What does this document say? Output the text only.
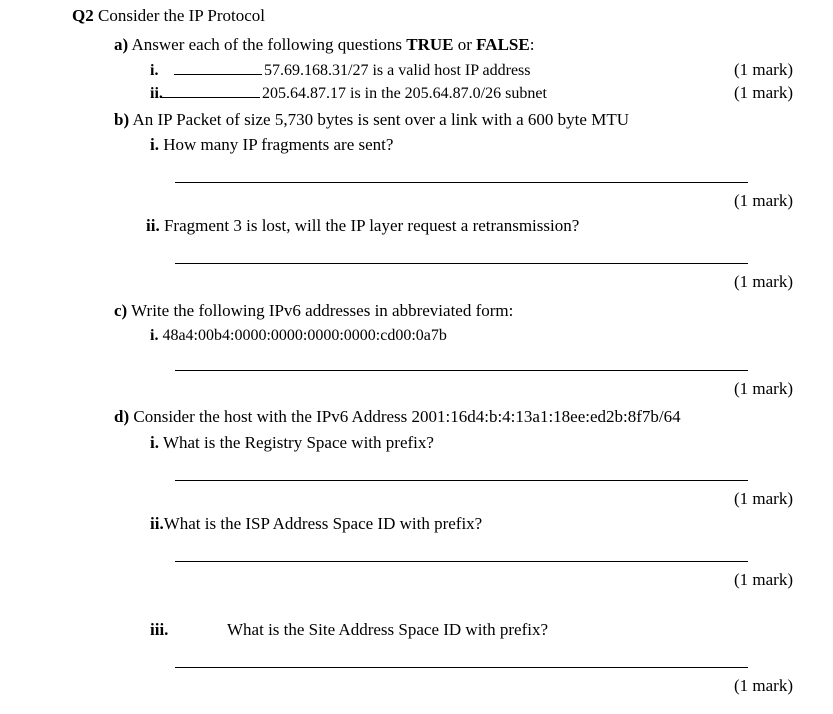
Q2 Consider the IP Protocol
a) Answer each of the following questions TRUE or FALSE:
i.	57.69.168.31/27 is a valid host IP address	(1 mark)
ii.	205.64.87.17 is in the 205.64.87.0/26 subnet	(1 mark)
b) An IP Packet of size 5,730 bytes is sent over a link with a 600 byte MTU
i. How many IP fragments are sent?
(1 mark)
ii. Fragment 3 is lost, will the IP layer request a retransmission?
(1 mark)
c) Write the following IPv6 addresses in abbreviated form:
i. 48a4:00b4:0000:0000:0000:0000:cd00:0a7b
(1 mark)
d) Consider the host with the IPv6 Address 2001:16d4:b:4:13a1:18ee:ed2b:8f7b/64
i. What is the Registry Space with prefix?
(1 mark)
ii.What is the ISP Address Space ID with prefix?
(1 mark)
iii.	What is the Site Address Space ID with prefix?
(1 mark)
